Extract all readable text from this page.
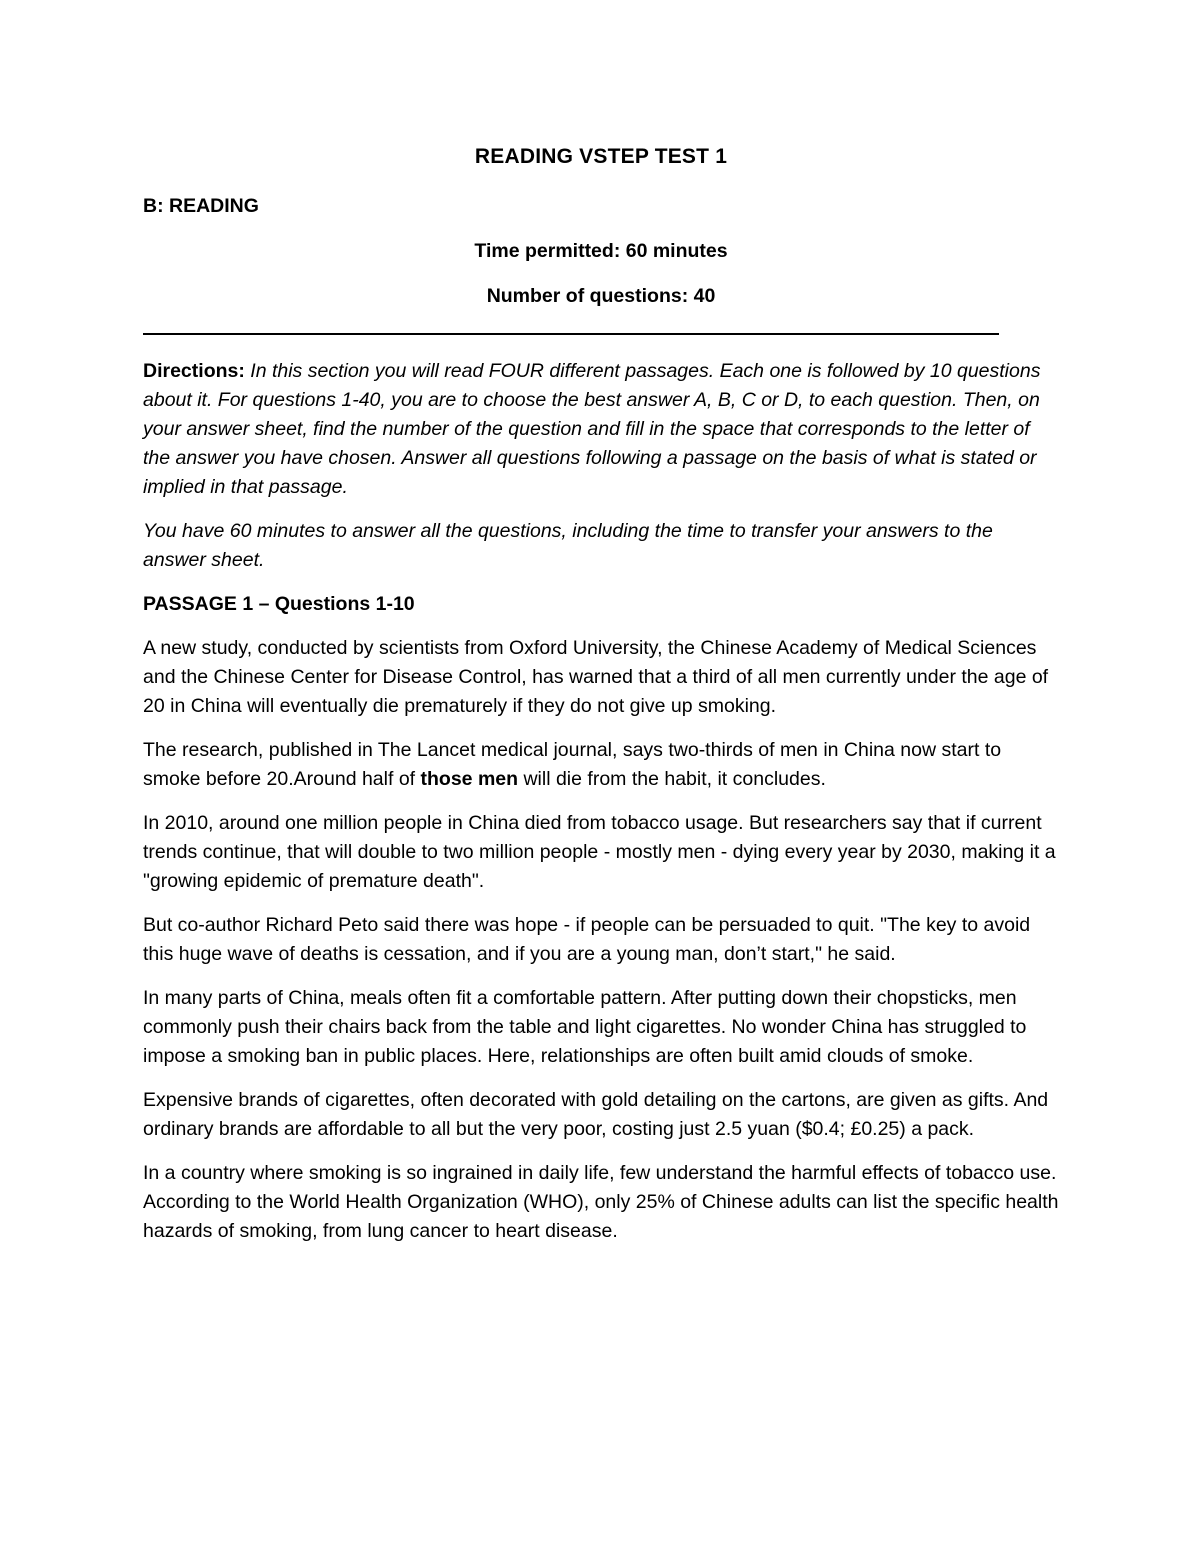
READING VSTEP TEST 1
B: READING
Time permitted: 60 minutes
Number of questions: 40

Directions: In this section you will read FOUR different passages. Each one is followed by 10 questions about it. For questions 1-40, you are to choose the best answer A, B, C or D, to each question. Then, on your answer sheet, find the number of the question and fill in the space that corresponds to the letter of the answer you have chosen. Answer all questions following a passage on the basis of what is stated or implied in that passage.

You have 60 minutes to answer all the questions, including the time to transfer your answers to the answer sheet.

PASSAGE 1 – Questions 1-10

A new study, conducted by scientists from Oxford University, the Chinese Academy of Medical Sciences and the Chinese Center for Disease Control, has warned that a third of all men currently under the age of 20 in China will eventually die prematurely if they do not give up smoking.

The research, published in The Lancet medical journal, says two-thirds of men in China now start to smoke before 20.Around half of those men will die from the habit, it concludes.

In 2010, around one million people in China died from tobacco usage. But researchers say that if current trends continue, that will double to two million people - mostly men - dying every year by 2030, making it a "growing epidemic of premature death".

But co-author Richard Peto said there was hope - if people can be persuaded to quit. "The key to avoid this huge wave of deaths is cessation, and if you are a young man, don’t start," he said.

In many parts of China, meals often fit a comfortable pattern. After putting down their chopsticks, men commonly push their chairs back from the table and light cigarettes. No wonder China has struggled to impose a smoking ban in public places. Here, relationships are often built amid clouds of smoke.

Expensive brands of cigarettes, often decorated with gold detailing on the cartons, are given as gifts. And ordinary brands are affordable to all but the very poor, costing just 2.5 yuan ($0.4; £0.25) a pack.

In a country where smoking is so ingrained in daily life, few understand the harmful effects of tobacco use. According to the World Health Organization (WHO), only 25% of Chinese adults can list the specific health hazards of smoking, from lung cancer to heart disease.
